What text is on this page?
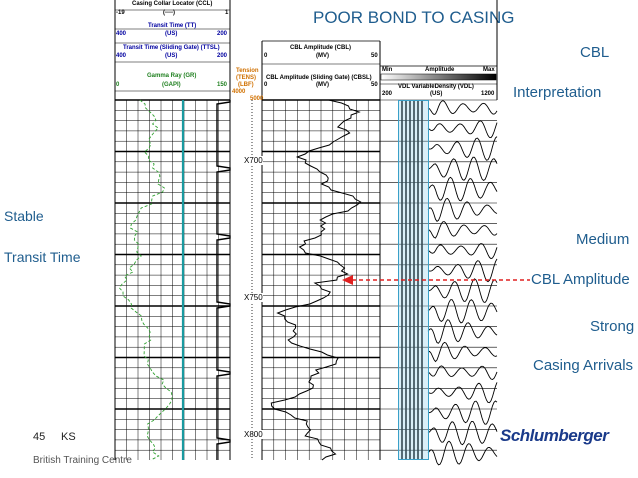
POOR BOND TO CASING
CBL
Interpretation
Stable
Transit Time
Medium
CBL Amplitude
Strong
Casing Arrivals
Casing Collar Locator (CCL)
-19	(----)	1
Transit Time (TT)
400	(US)	200
Transit Time (Sliding Gate) (TTSL)
400	(US)	200
Gamma Ray (GR)
0	(GAPI)	150
Tension
(TENS)
(LBF)
4000
5000
CBL Amplitude (CBL)
0	(MV)	50
CBL Amplitude (Sliding Gate) (CBSL)
0	(MV)	50
Min	Amplitude	Max
VDL VariableDensity (VDL)
200	(US)	1200
X700
X750
X800
45 KS
British Training Centre
Schlumberger
